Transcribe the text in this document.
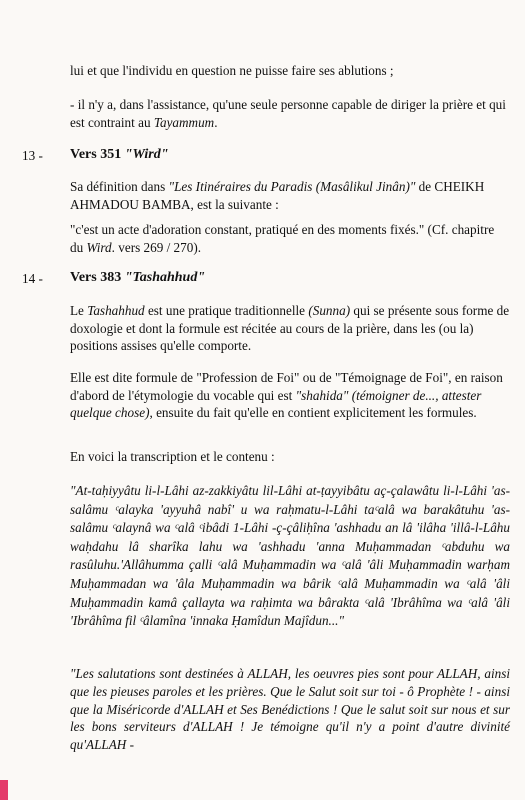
lui et que l'individu en question ne puisse faire ses ablutions ;

- il n'y a, dans l'assistance, qu'une seule personne capable de diriger la prière et qui est contraint au Tayammum.

13 - Vers 351 "Wird"

Sa définition dans "Les Itinéraires du Paradis (Masâlikul Jinân)" de CHEIKH AHMADOU BAMBA, est la suivante :

"c'est un acte d'adoration constant, pratiqué en des moments fixés." (Cf. chapitre du Wird. vers 269 / 270).

14 - Vers 383 "Tashahhud"

Le Tashahhud est une pratique traditionnelle (Sunna) qui se présente sous forme de doxologie et dont la formule est récitée au cours de la prière, dans les (ou la) positions assises qu'elle comporte.

Elle est dite formule de "Profession de Foi" ou de "Témoignage de Foi", en raison d'abord de l'étymologie du vocable qui est "shahida" (témoigner de..., attester quelque chose), ensuite du fait qu'elle en contient explicitement les formules.

En voici la transcription et le contenu :

"At-taḥiyyâtu li-l-Lâhi az-zakkiyâtu lil-Lâhi at-ṭayyibâtu aç-çalawâtu li-l-Lâhi 'as-salâmu ᶜalayka 'ayyuhâ nabî' u wa raḥmatu-l-Lâhi taᶜalâ wa barakâtuhu 'as-salâmu ᶜalaynâ wa ᶜalâ ᶜibâdi 1-Lâhi -ç-çâliḥîna 'ashhadu an lâ 'ilâha 'illâ-l-Lâhu waḥdahu lâ sharîka lahu wa 'ashhadu 'anna Muḥammadan ᶜabduhu wa rasûluhu.'Allâhumma çalli ᶜalâ Muḥammadin wa ᶜalâ 'âli Muḥammadin warḥam Muḥammadan wa 'âla Muḥammadin wa bârik ᶜalâ Muḥammadin wa ᶜalâ 'âli Muḥammadin kamâ çallayta wa raḥimta wa bârakta ᶜalâ 'Ibrâhîma wa ᶜalâ 'âli 'Ibrâhîma fil ᶜâlamîna 'innaka Ḥamîdun Majîdun..."

"Les salutations sont destinées à ALLAH, les oeuvres pies sont pour ALLAH, ainsi que les pieuses paroles et les prières. Que le Salut soit sur toi - ô Prophète ! - ainsi que la Miséricorde d'ALLAH et Ses Benédictions ! Que le salut soit sur nous et sur les bons serviteurs d'ALLAH ! Je témoigne qu'il n'y a point d'autre divinité qu'ALLAH -
